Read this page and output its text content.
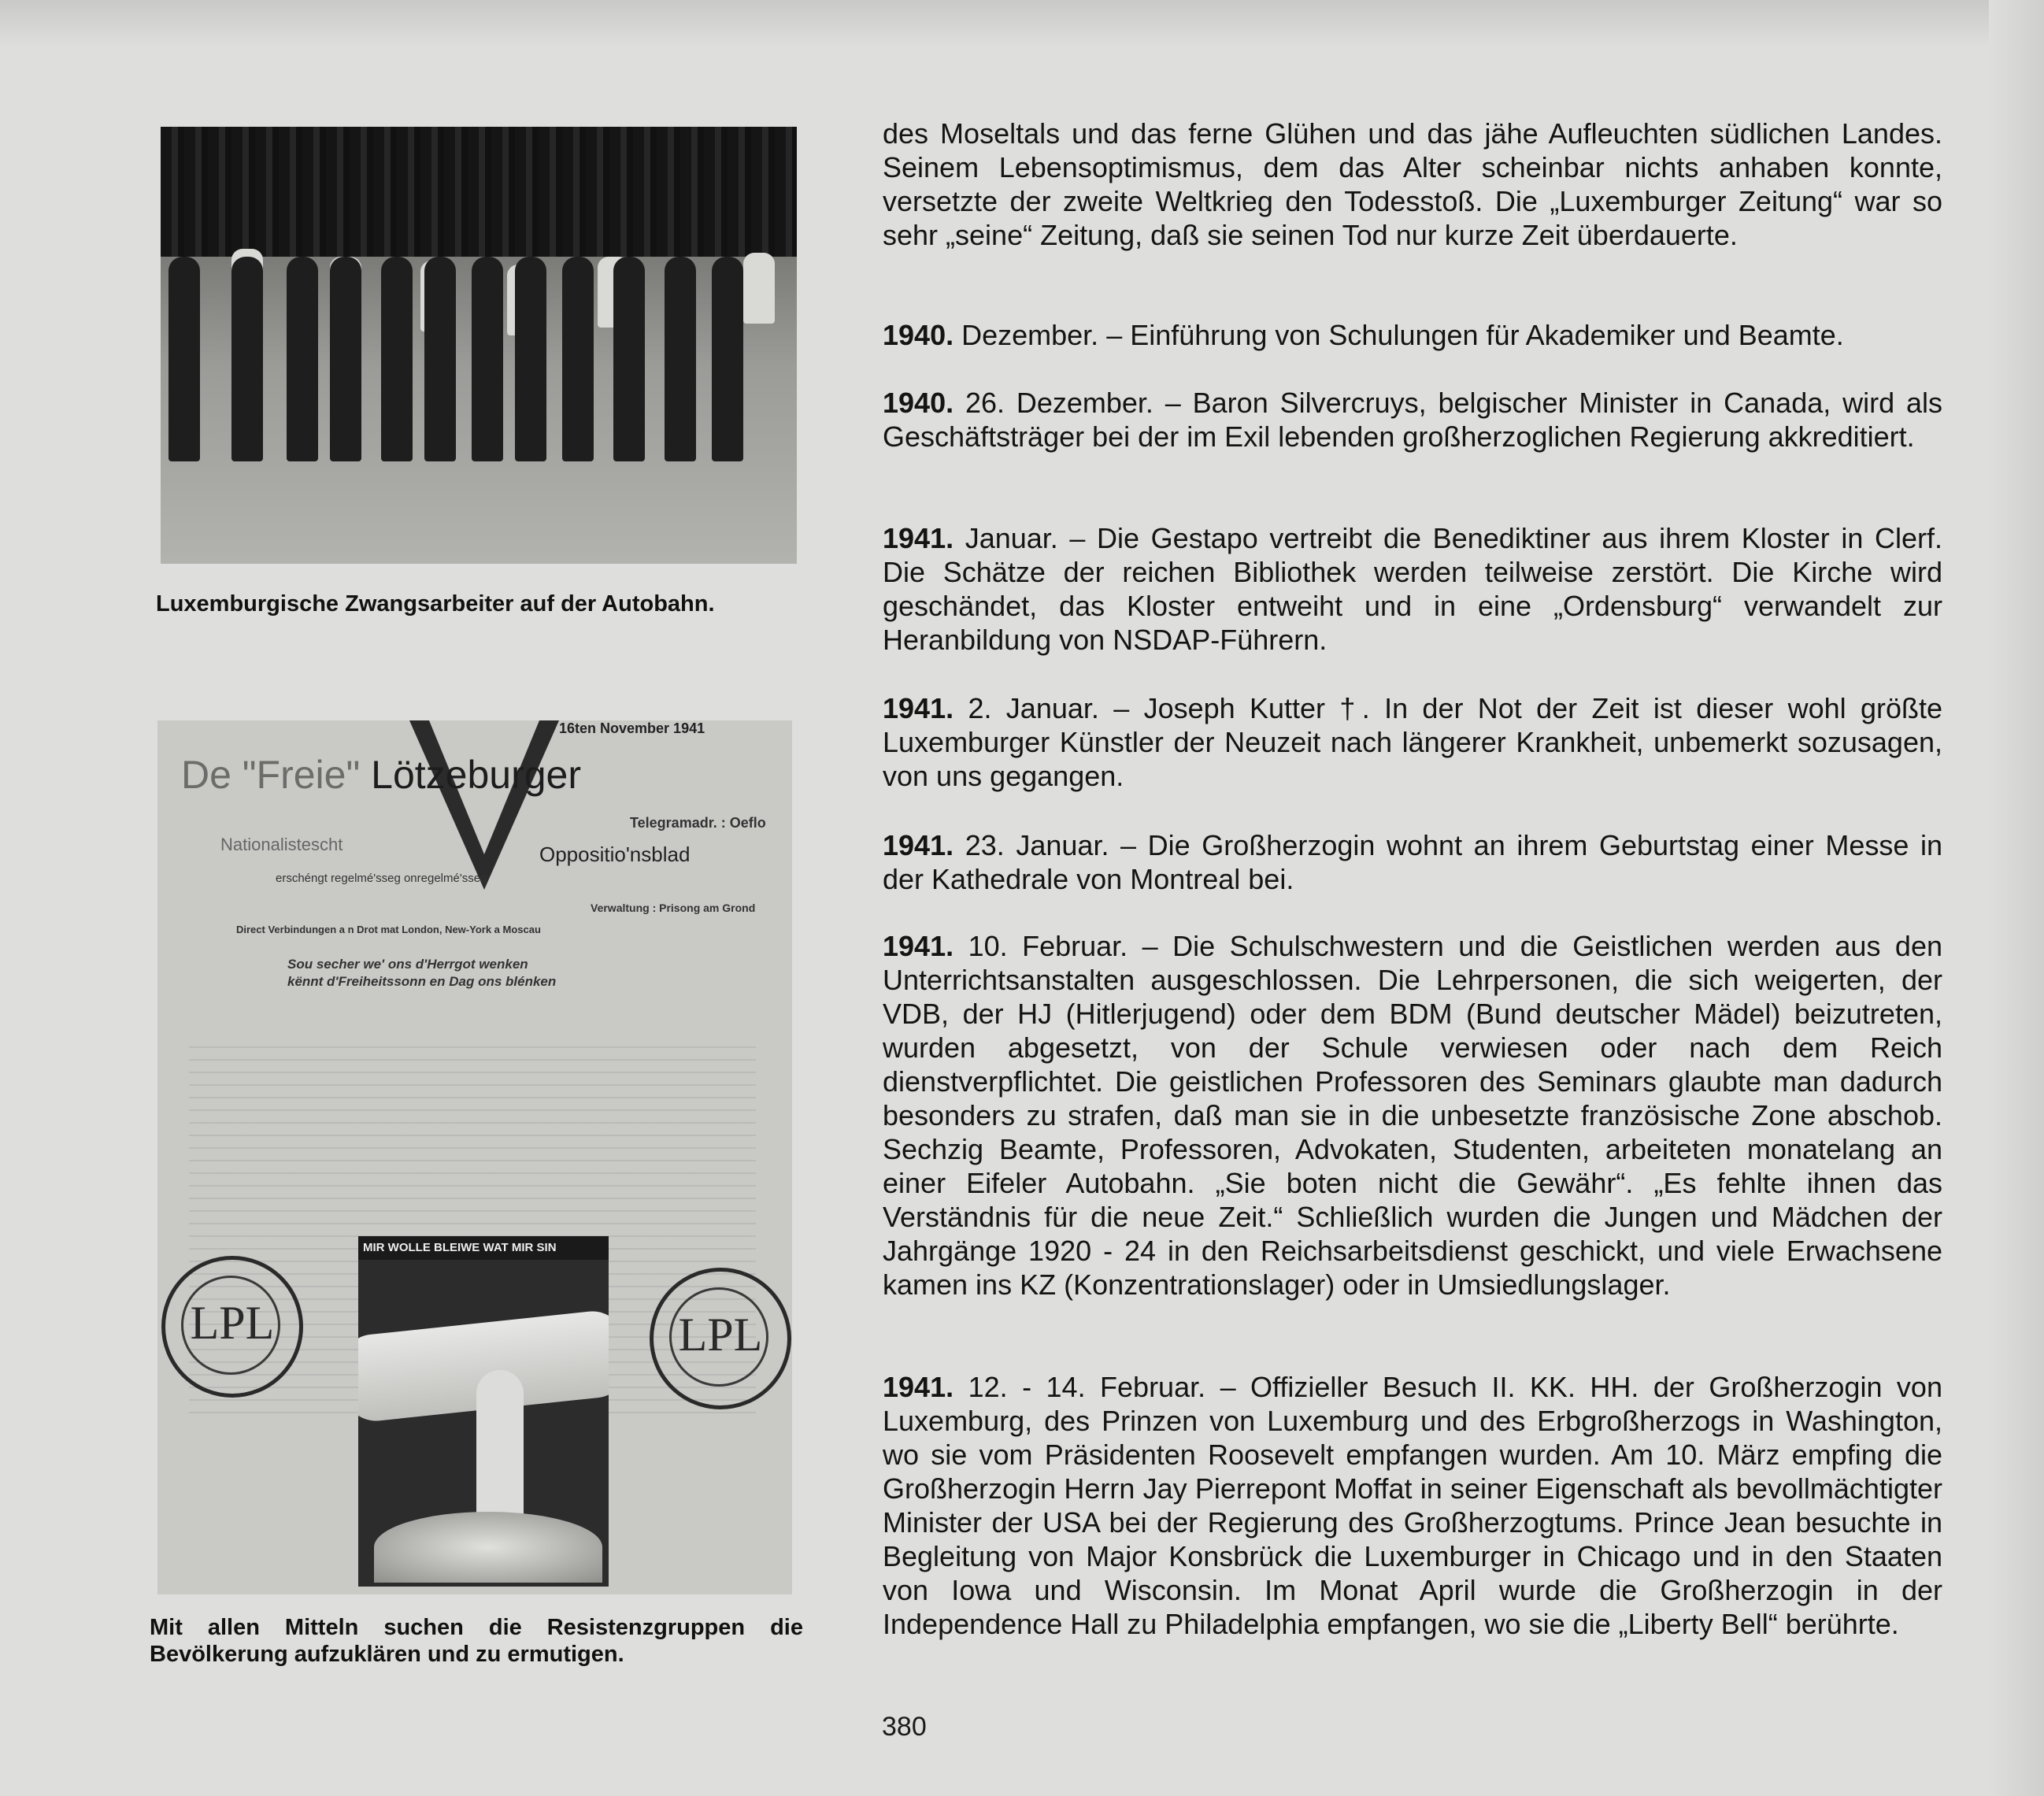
Luxemburgische Zwangsarbeiter auf der Autobahn.
16ten November 1941
De "Freie" Lötzeburger
Telegramadr. : Oeflo
Nationalistescht	Oppositio'nsblad
erschéngt regelmé'sseg onregelmé'sseg
Verwaltung : Prisong am Grond
Direct Verbindungen a n Drot mat London, New-York a Moscau
Sou secher we' ons d'Herrgot wenken
kënnt d'Freiheitssonn en Dag ons blénken
LPL	LPL
MIR WOLLE BLEIWE WAT MIR SIN
Mit allen Mitteln suchen die Resistenzgruppen die Bevölkerung aufzuklären und zu ermutigen.

des Moseltals und das ferne Glühen und das jähe Aufleuchten südlichen Landes. Seinem Lebensoptimismus, dem das Alter scheinbar nichts anhaben konnte, versetzte der zweite Weltkrieg den Todesstoß. Die „Luxemburger Zeitung“ war so sehr „seine“ Zeitung, daß sie seinen Tod nur kurze Zeit überdauerte.

1940. Dezember. – Einführung von Schulungen für Akademiker und Beamte.

1940. 26. Dezember. – Baron Silvercruys, belgischer Minister in Canada, wird als Geschäftsträger bei der im Exil lebenden großherzoglichen Regierung akkreditiert.

1941. Januar. – Die Gestapo vertreibt die Benediktiner aus ihrem Kloster in Clerf. Die Schätze der reichen Bibliothek werden teilweise zerstört. Die Kirche wird geschändet, das Kloster entweiht und in eine „Ordensburg“ verwandelt zur Heranbildung von NSDAP-Führern.

1941. 2. Januar. – Joseph Kutter †. In der Not der Zeit ist dieser wohl größte Luxemburger Künstler der Neuzeit nach längerer Krankheit, unbemerkt sozusagen, von uns gegangen.

1941. 23. Januar. – Die Großherzogin wohnt an ihrem Geburtstag einer Messe in der Kathedrale von Montreal bei.

1941. 10. Februar. – Die Schulschwestern und die Geistlichen werden aus den Unterrichtsanstalten ausgeschlossen. Die Lehrpersonen, die sich weigerten, der VDB, der HJ (Hitlerjugend) oder dem BDM (Bund deutscher Mädel) beizutreten, wurden abgesetzt, von der Schule verwiesen oder nach dem Reich dienstverpflichtet. Die geistlichen Professoren des Seminars glaubte man dadurch besonders zu strafen, daß man sie in die unbesetzte französische Zone abschob. Sechzig Beamte, Professoren, Advokaten, Studenten, arbeiteten monatelang an einer Eifeler Autobahn. „Sie boten nicht die Gewähr“. „Es fehlte ihnen das Verständnis für die neue Zeit.“ Schließlich wurden die Jungen und Mädchen der Jahrgänge 1920 - 24 in den Reichsarbeitsdienst geschickt, und viele Erwachsene kamen ins KZ (Konzentrationslager) oder in Umsiedlungslager.

1941. 12. - 14. Februar. – Offizieller Besuch II. KK. HH. der Großherzogin von Luxemburg, des Prinzen von Luxemburg und des Erbgroßherzogs in Washington, wo sie vom Präsidenten Roosevelt empfangen wurden. Am 10. März empfing die Großherzogin Herrn Jay Pierrepont Moffat in seiner Eigenschaft als bevollmächtigter Minister der USA bei der Regierung des Großherzogtums. Prince Jean besuchte in Begleitung von Major Konsbrück die Luxemburger in Chicago und in den Staaten von Iowa und Wisconsin. Im Monat April wurde die Großherzogin in der Independence Hall zu Philadelphia empfangen, wo sie die „Liberty Bell“ berührte.

380
